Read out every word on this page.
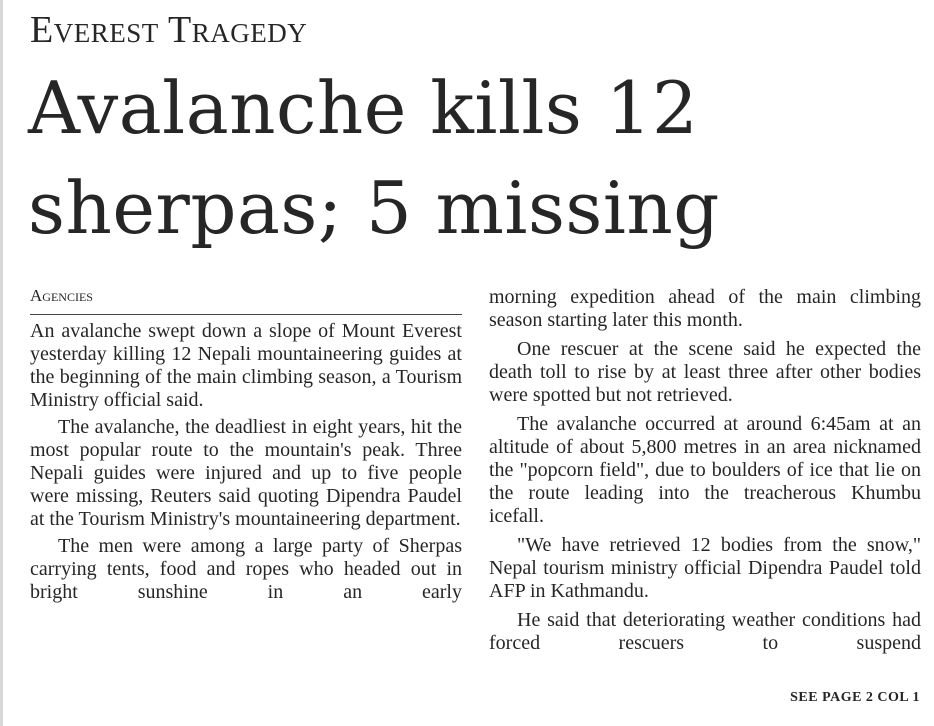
Everest Tragedy
Avalanche kills 12
sherpas; 5 missing
Agencies

An avalanche swept down a slope of Mount Everest yesterday killing 12 Nepali mountaineering guides at the beginning of the main climbing season, a Tourism Ministry official said.

The avalanche, the deadliest in eight years, hit the most popular route to the mountain's peak. Three Nepali guides were injured and up to five people were missing, Reuters said quoting Dipendra Paudel at the Tourism Ministry's mountaineering department.

The men were among a large party of Sherpas carrying tents, food and ropes who headed out in bright sunshine in an early

morning expedition ahead of the main climbing season starting later this month.

One rescuer at the scene said he expected the death toll to rise by at least three after other bodies were spotted but not retrieved.

The avalanche occurred at around 6:45am at an altitude of about 5,800 metres in an area nicknamed the "popcorn field", due to boulders of ice that lie on the route leading into the treacherous Khumbu icefall.

"We have retrieved 12 bodies from the snow," Nepal tourism ministry official Dipendra Paudel told AFP in Kathmandu.

He said that deteriorating weather conditions had forced rescuers to suspend

SEE PAGE 2 COL 1
